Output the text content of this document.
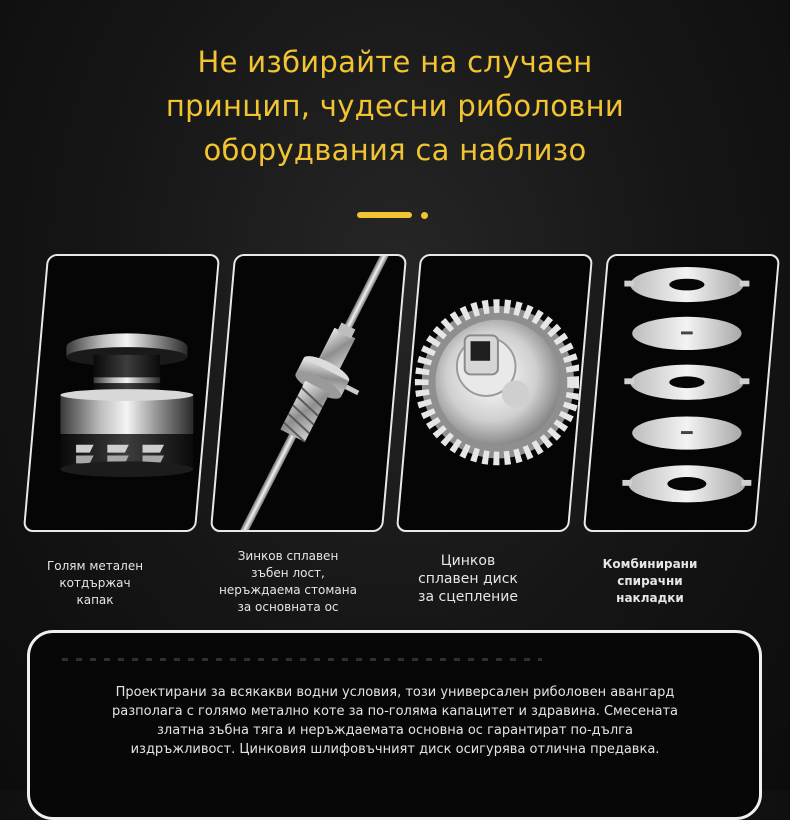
Не избирайте на случаен
принцип, чудесни риболовни
оборудвания са наблизо
Голям метален
котдържач
капак
Зинков сплавен
зъбен лост,
неръждаема стомана
за основната ос
Цинков
сплавен диск
за сцепление
Комбинирани
спирачни
накладки
Проектирани за всякакви водни условия, този универсален риболовен авангард
разполага с голямо метално коте за по-голяма капацитет и здравина. Смесената
златна зъбна тяга и неръждаемата основна ос гарантират по-дълга
издръжливост. Цинковия шлифовъчният диск осигурява отлична предавка.
